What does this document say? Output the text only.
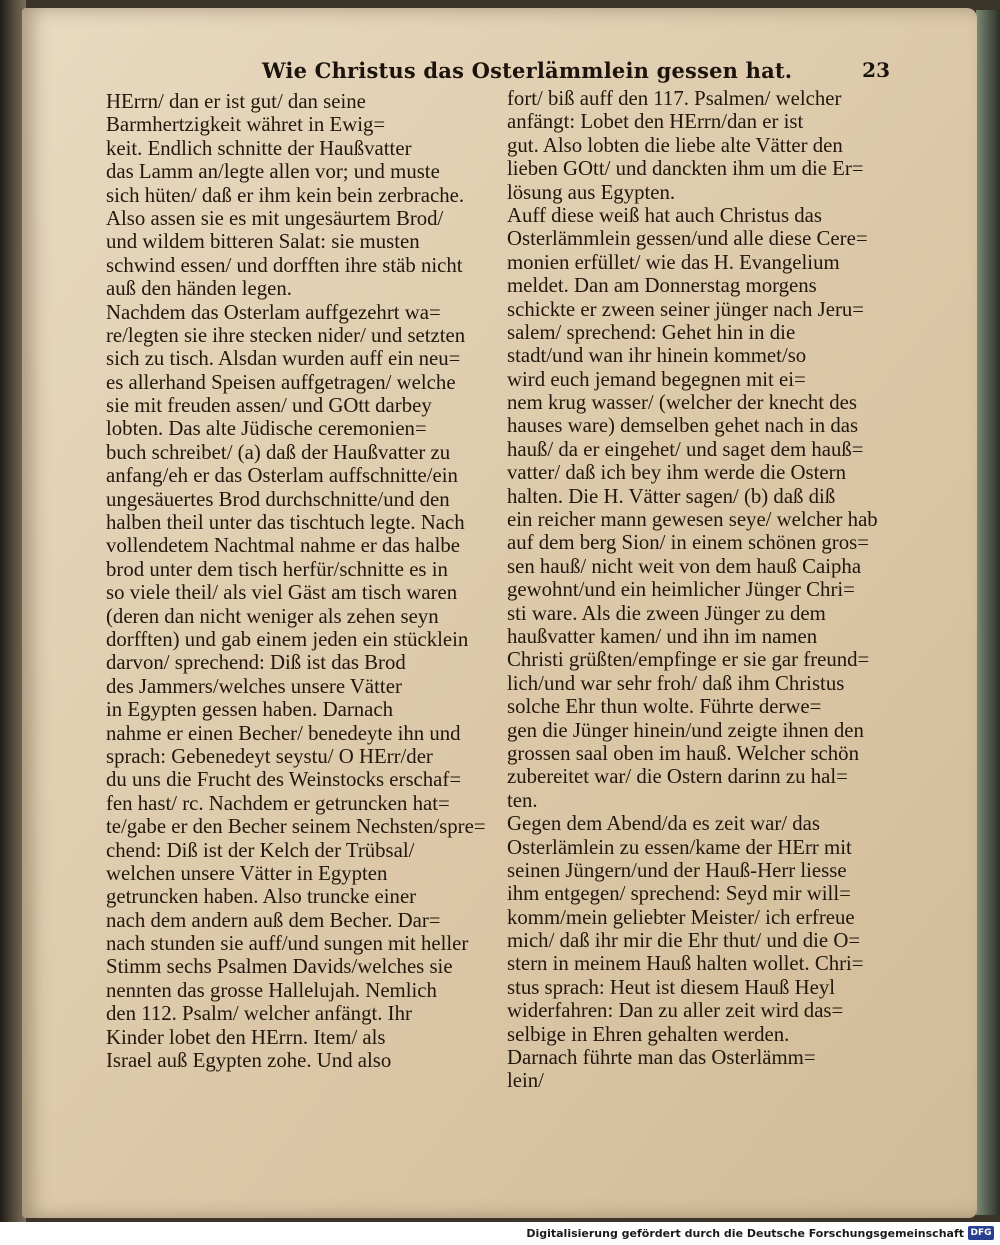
Wie Christus das Osterlämmlein gessen hat.	23
HErrn/ dan er ist gut/ dan seine
Barmhertzigkeit währet in Ewig=
keit. Endlich schnitte der Haußvatter
das Lamm an/legte allen vor; und muste
sich hüten/ daß er ihm kein bein zerbrache.
Also assen sie es mit ungesäurtem Brod/
und wildem bitteren Salat: sie musten
schwind essen/ und dorfften ihre stäb nicht
auß den händen legen.
Nachdem das Osterlam auffgezehrt wa=
re/legten sie ihre stecken nider/ und setzten
sich zu tisch. Alsdan wurden auff ein neu=
es allerhand Speisen auffgetragen/ welche
sie mit freuden assen/ und GOtt darbey
lobten. Das alte Jüdische ceremonien=
buch schreibet/ (a) daß der Haußvatter zu
anfang/eh er das Osterlam auffschnitte/ein
ungesäuertes Brod durchschnitte/und den
halben theil unter das tischtuch legte. Nach
vollendetem Nachtmal nahme er das halbe
brod unter dem tisch herfür/schnitte es in
so viele theil/ als viel Gäst am tisch waren
(deren dan nicht weniger als zehen seyn
dorfften) und gab einem jeden ein stücklein
darvon/ sprechend: Diß ist das Brod
des Jammers/welches unsere Vätter
in Egypten gessen haben. Darnach
nahme er einen Becher/ benedeyte ihn und
sprach: Gebenedeyt seystu/ O HErr/der
du uns die Frucht des Weinstocks erschaf=
fen hast/ rc. Nachdem er getruncken hat=
te/gabe er den Becher seinem Nechsten/spre=
chend: Diß ist der Kelch der Trübsal/
welchen unsere Vätter in Egypten
getruncken haben. Also truncke einer
nach dem andern auß dem Becher. Dar=
nach stunden sie auff/und sungen mit heller
Stimm sechs Psalmen Davids/welches sie
nennten das grosse Hallelujah. Nemlich
den 112. Psalm/ welcher anfängt. Ihr
Kinder lobet den HErrn. Item/ als
Israel auß Egypten zohe. Und also
fort/ biß auff den 117. Psalmen/ welcher
anfängt: Lobet den HErrn/dan er ist
gut. Also lobten die liebe alte Vätter den
lieben GOtt/ und danckten ihm um die Er=
lösung aus Egypten.
Auff diese weiß hat auch Christus das
Osterlämmlein gessen/und alle diese Cere=
monien erfüllet/ wie das H. Evangelium
meldet. Dan am Donnerstag morgens
schickte er zween seiner jünger nach Jeru=
salem/ sprechend: Gehet hin in die
stadt/und wan ihr hinein kommet/so
wird euch jemand begegnen mit ei=
nem krug wasser/ (welcher der knecht des
hauses ware) demselben gehet nach in das
hauß/ da er eingehet/ und saget dem hauß=
vatter/ daß ich bey ihm werde die Ostern
halten. Die H. Vätter sagen/ (b) daß diß
ein reicher mann gewesen seye/ welcher hab
auf dem berg Sion/ in einem schönen gros=
sen hauß/ nicht weit von dem hauß Caipha
gewohnt/und ein heimlicher Jünger Chri=
sti ware. Als die zween Jünger zu dem
haußvatter kamen/ und ihn im namen
Christi grüßten/empfinge er sie gar freund=
lich/und war sehr froh/ daß ihm Christus
solche Ehr thun wolte. Führte derwe=
gen die Jünger hinein/und zeigte ihnen den
grossen saal oben im hauß. Welcher schön
zubereitet war/ die Ostern darinn zu hal=
ten.
Gegen dem Abend/da es zeit war/ das
Osterlämlein zu essen/kame der HErr mit
seinen Jüngern/und der Hauß-Herr liesse
ihm entgegen/ sprechend: Seyd mir will=
komm/mein geliebter Meister/ ich erfreue
mich/ daß ihr mir die Ehr thut/ und die O=
stern in meinem Hauß halten wollet. Chri=
stus sprach: Heut ist diesem Hauß Heyl
widerfahren: Dan zu aller zeit wird das=
selbige in Ehren gehalten werden.
Darnach führte man das Osterlämm=
lein/
Digitalisierung gefördert durch die Deutsche Forschungsgemeinschaft DFG
